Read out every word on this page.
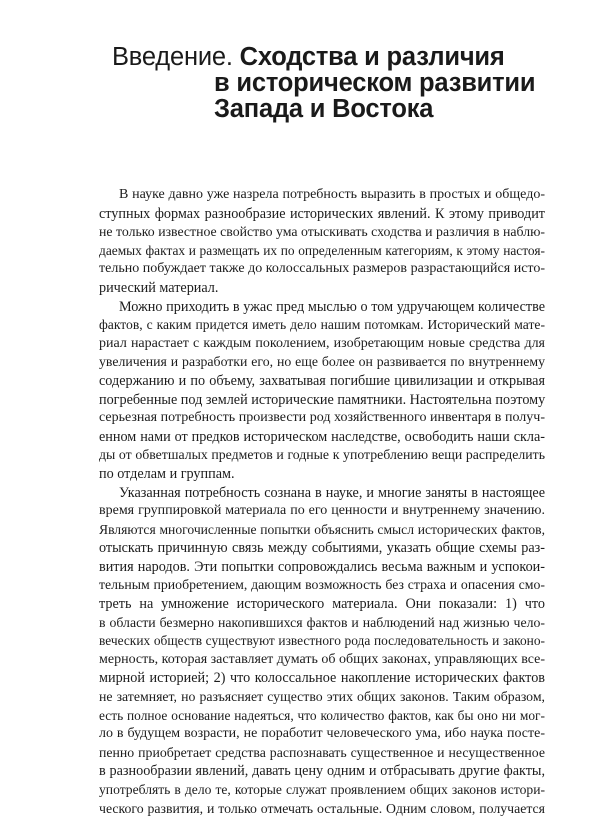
Введение. Сходства и различия
в историческом развитии
Запада и Востока
В науке давно уже назрела потребность выразить в простых и общедо-
ступных формах разнообразие исторических явлений. К этому приводит
не только известное свойство ума отыскивать сходства и различия в наблю-
даемых фактах и размещать их по определенным категориям, к этому настоя-
тельно побуждает также до колоссальных размеров разрастающийся исто-
рический материал.
Можно приходить в ужас пред мыслью о том удручающем количестве
фактов, с каким придется иметь дело нашим потомкам. Исторический мате-
риал нарастает с каждым поколением, изобретающим новые средства для
увеличения и разработки его, но еще более он развивается по внутреннему
содержанию и по объему, захватывая погибшие цивилизации и открывая
погребенные под землей исторические памятники. Настоятельна поэтому
серьезная потребность произвести род хозяйственного инвентаря в получ-
енном нами от предков историческом наследстве, освободить наши скла-
ды от обветшалых предметов и годные к употреблению вещи распределить
по отделам и группам.
Указанная потребность сознана в науке, и многие заняты в настоящее
время группировкой материала по его ценности и внутреннему значению.
Являются многочисленные попытки объяснить смысл исторических фактов,
отыскать причинную связь между событиями, указать общие схемы раз-
вития народов. Эти попытки сопровождались весьма важным и успокои-
тельным приобретением, дающим возможность без страха и опасения смо-
треть на умножение исторического материала. Они показали: 1) что
в области безмерно накопившихся фактов и наблюдений над жизнью чело-
веческих обществ существуют известного рода последовательность и законо-
мерность, которая заставляет думать об общих законах, управляющих все-
мирной историей; 2) что колоссальное накопление исторических фактов
не затемняет, но разъясняет существо этих общих законов. Таким образом,
есть полное основание надеяться, что количество фактов, как бы оно ни мог-
ло в будущем возрасти, не поработит человеческого ума, ибо наука посте-
пенно приобретает средства распознавать существенное и несущественное
в разнообразии явлений, давать цену одним и отбрасывать другие факты,
употреблять в дело те, которые служат проявлением общих законов истори-
ческого развития, и только отмечать остальные. Одним словом, получается
